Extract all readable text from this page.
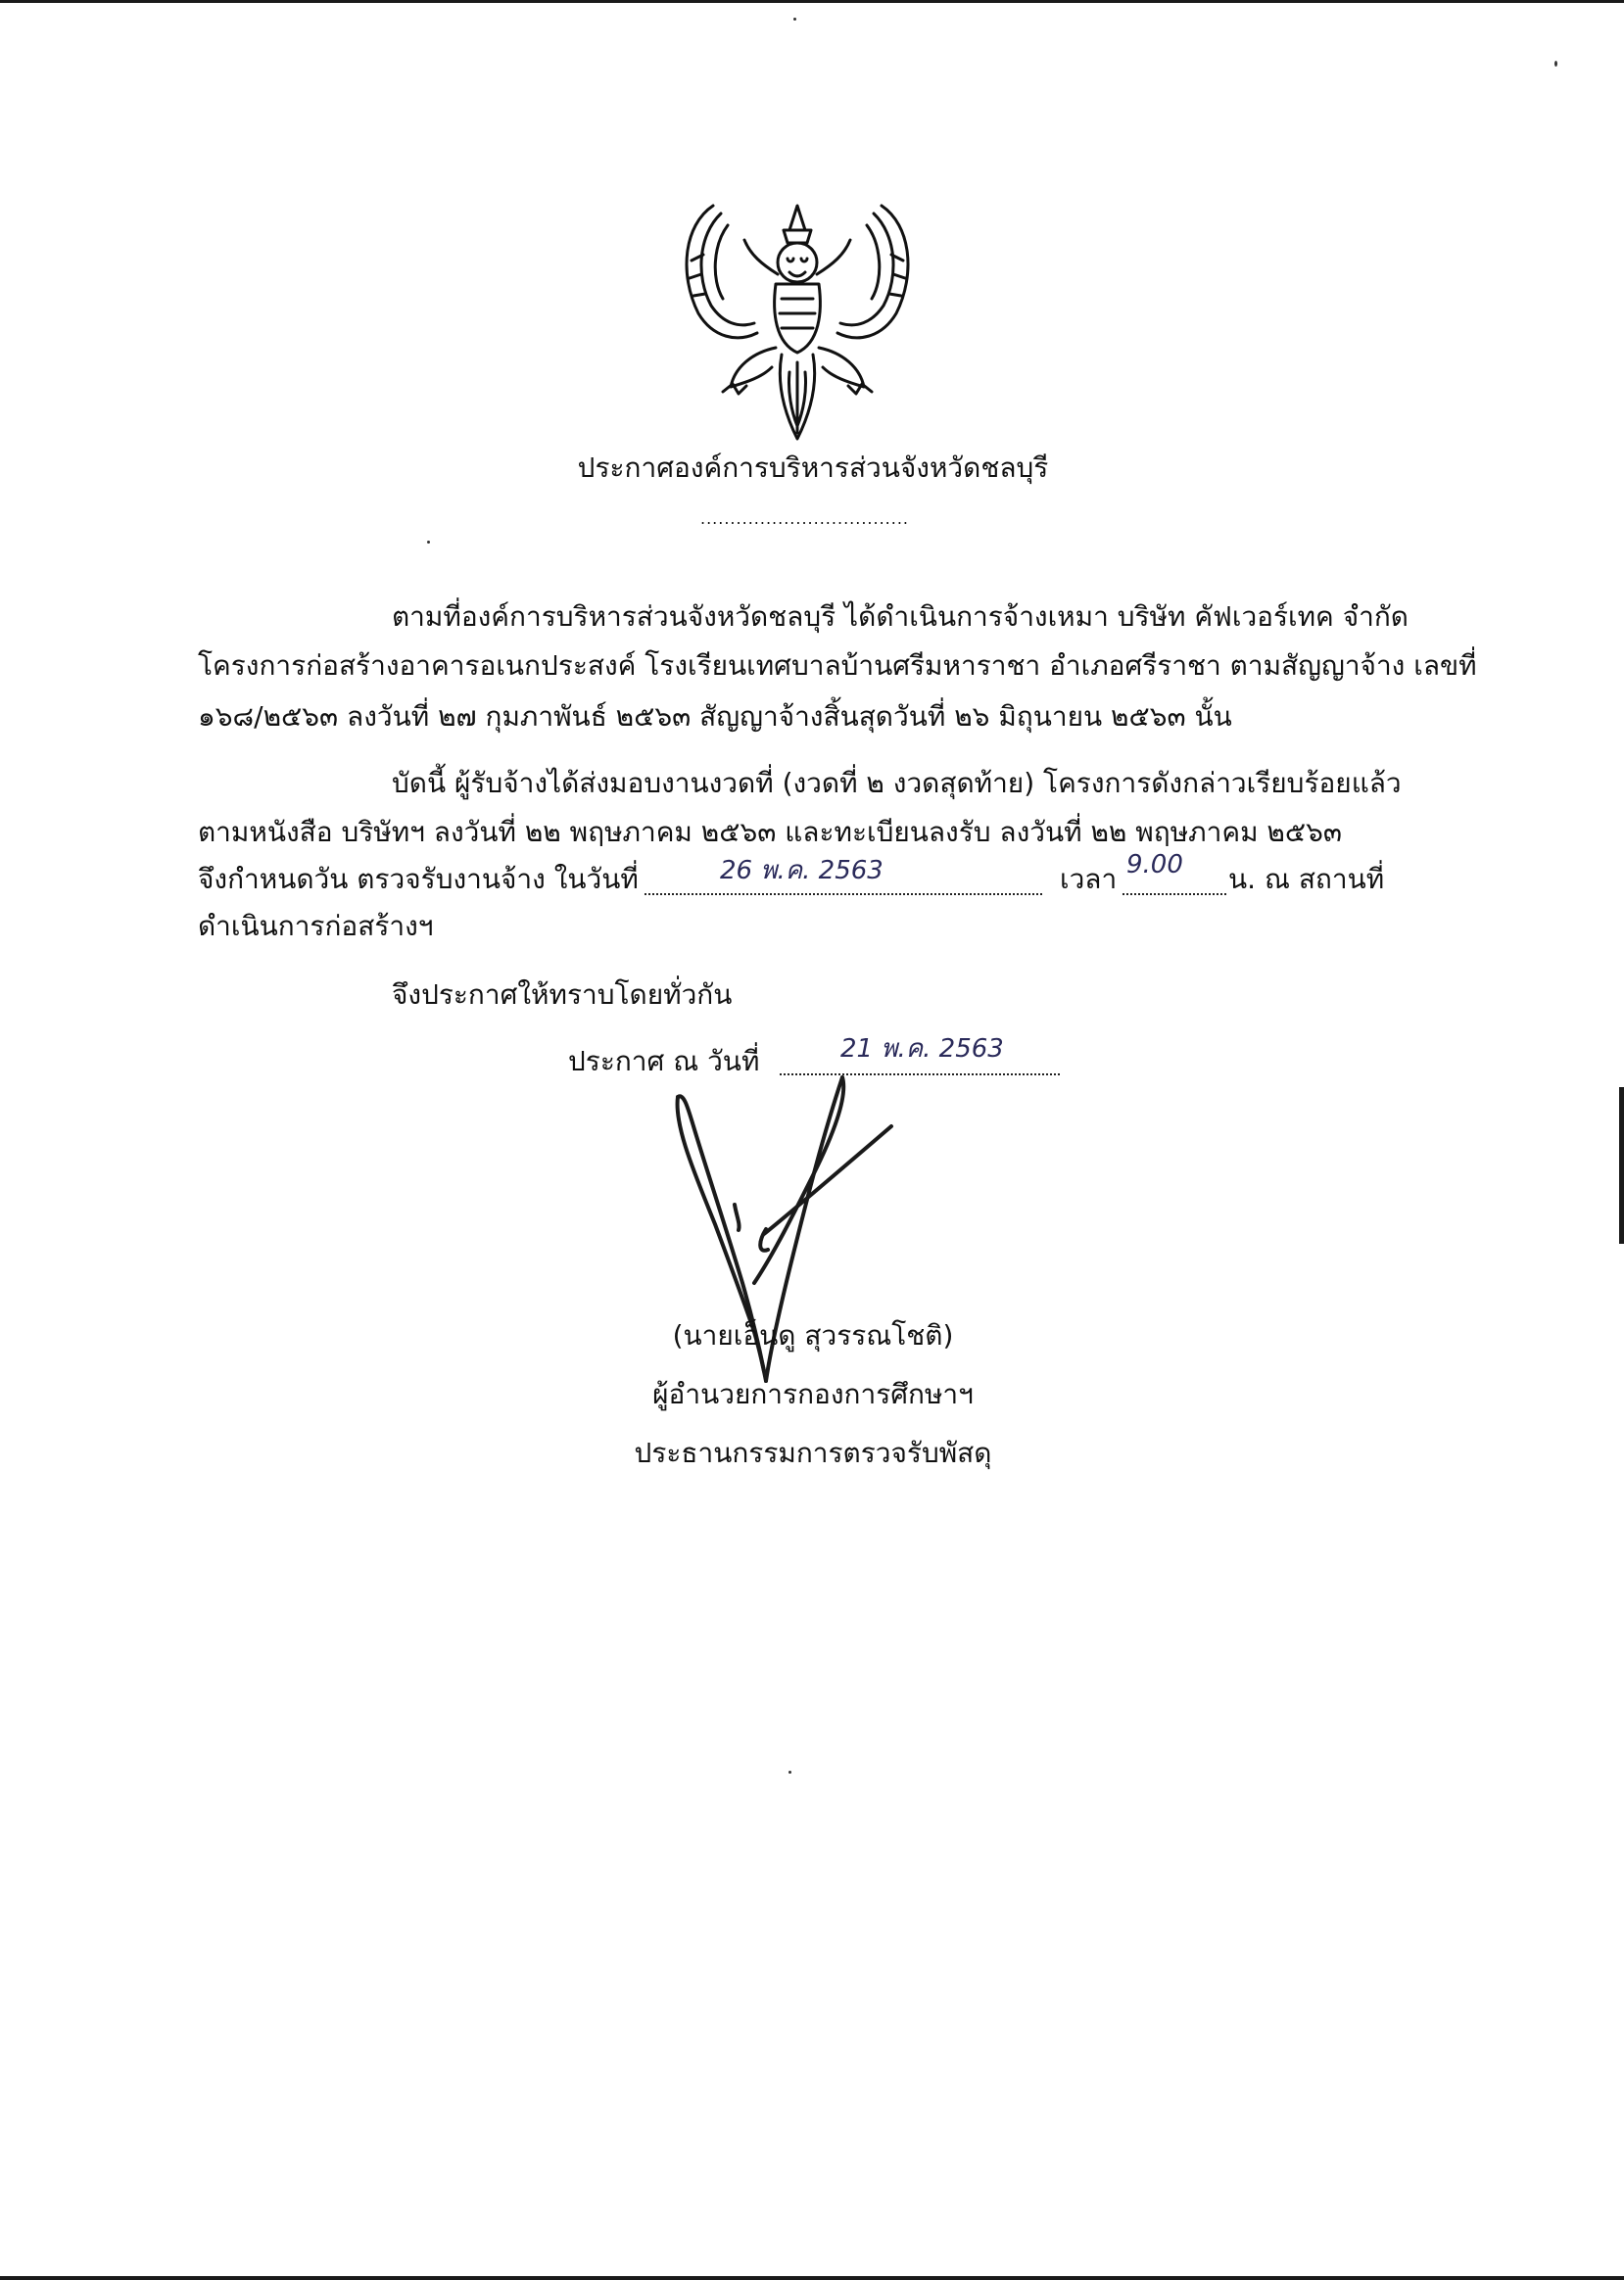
ประกาศองค์การบริหารส่วนจังหวัดชลบุรี
...................................
ตามที่องค์การบริหารส่วนจังหวัดชลบุรี ได้ดำเนินการจ้างเหมา บริษัท คัฟเวอร์เทค จำกัด
โครงการก่อสร้างอาคารอเนกประสงค์ โรงเรียนเทศบาลบ้านศรีมหาราชา อำเภอศรีราชา ตามสัญญาจ้าง เลขที่
๑๖๘/๒๕๖๓ ลงวันที่ ๒๗ กุมภาพันธ์ ๒๕๖๓ สัญญาจ้างสิ้นสุดวันที่ ๒๖ มิถุนายน ๒๕๖๓ นั้น
บัดนี้ ผู้รับจ้างได้ส่งมอบงานงวดที่ (งวดที่ ๒ งวดสุดท้าย) โครงการดังกล่าวเรียบร้อยแล้ว
ตามหนังสือ บริษัทฯ ลงวันที่ ๒๒ พฤษภาคม ๒๕๖๓ และทะเบียนลงรับ ลงวันที่ ๒๒ พฤษภาคม ๒๕๖๓
จึงกำหนดวัน ตรวจรับงานจ้าง ในวันที่	26 พ.ค. 2563	เวลา 9.00 น. ณ สถานที่
ดำเนินการก่อสร้างฯ
จึงประกาศให้ทราบโดยทั่วกัน
ประกาศ ณ วันที่	21 พ.ค. 2563
(นายเอ็นดู สุวรรณโชติ)
ผู้อำนวยการกองการศึกษาฯ
ประธานกรรมการตรวจรับพัสดุ
